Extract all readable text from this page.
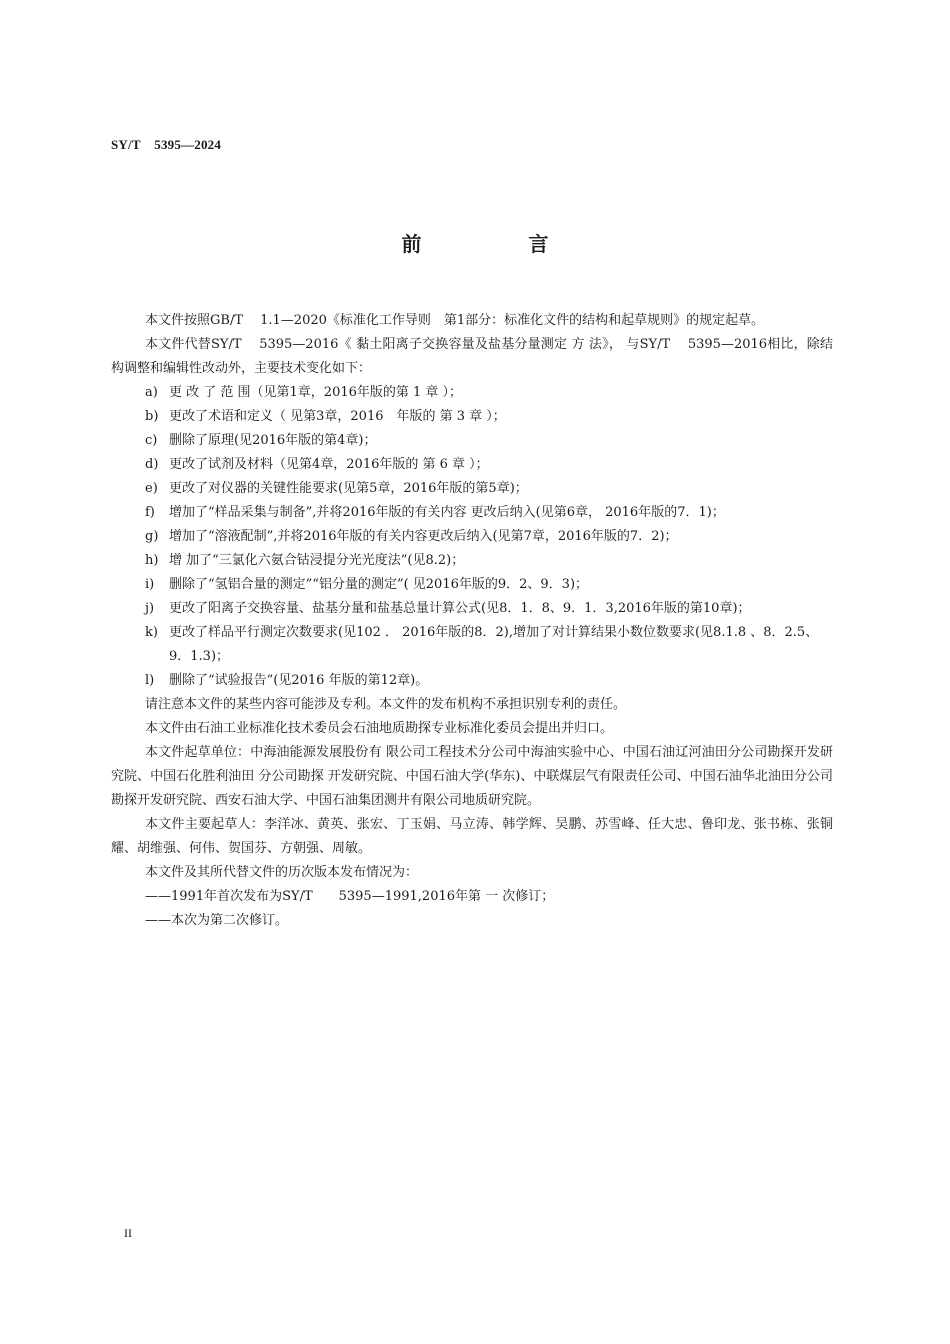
SY/T    5395—2024
前 言

本文件按照GB/T　 1.1—2020《标准化工作导则　第1部分：标准化文件的结构和起草规则》的规定起草。

本文件代替SY/T　 5395—2016《 黏土阳离子交换容量及盐基分量测定 方 法》， 与SY/T　 5395—2016相比，除结构调整和编辑性改动外，主要技术变化如下：

a) 更 改 了 范 围（见第1章，2016年版的第 1 章 ）；

b) 更改了术语和定义（ 见第3章，2016　年版的 第 3 章 ）；

c) 删除了原理(见2016年版的第4章)；

d) 更改了试剂及材料（见第4章，2016年版的 第 6 章 ）；

e) 更改了对仪器的关键性能要求(见第5章，2016年版的第5章)；

f) 增加了“样品采集与制备”,并将2016年版的有关内容 更改后纳入(见第6章， 2016年版的7．1)；

g) 增加了“溶液配制”,并将2016年版的有关内容更改后纳入(见第7章，2016年版的7．2)；

h) 增 加了“三氯化六氨合钴浸提分光光度法”(见8.2)；

i) 删除了“氢铝合量的测定”“铝分量的测定”( 见2016年版的9．2、9．3)；

j) 更改了阳离子交换容量、盐基分量和盐基总量计算公式(见8．1．8、9．1．3,2016年版的第10章)；

k) 更改了样品平行测定次数要求(见102 ． 2016年版的8．2),增加了对计算结果小数位数要求(见8.1.8 、8．2.5、9．1.3)；

l) 删除了“试验报告”(见2016 年版的第12章)。

请注意本文件的某些内容可能涉及专利。本文件的发布机构不承担识别专利的责任。

本文件由石油工业标准化技术委员会石油地质勘探专业标准化委员会提出并归口。

本文件起草单位：中海油能源发展股份有 限公司工程技术分公司中海油实验中心、中国石油辽河油田分公司勘探开发研究院、中国石化胜利油田 分公司勘探 开发研究院、中国石油大学(华东)、中联煤层气有限责任公司、中国石油华北油田分公司勘探开发研究院、西安石油大学、中国石油集团测井有限公司地质研究院。

本文件主要起草人：李洋冰、黄英、张宏、丁玉娟、马立涛、韩学辉、吴鹏、苏雪峰、任大忠、鲁印龙、张书栋、张铜耀、胡维强、何伟、贺国芬、方朝强、周敏。

本文件及其所代替文件的历次版本发布情况为：

——1991年首次发布为SY/T　　5395—1991,2016年第 一 次修订；

——本次为第二次修订。

II
